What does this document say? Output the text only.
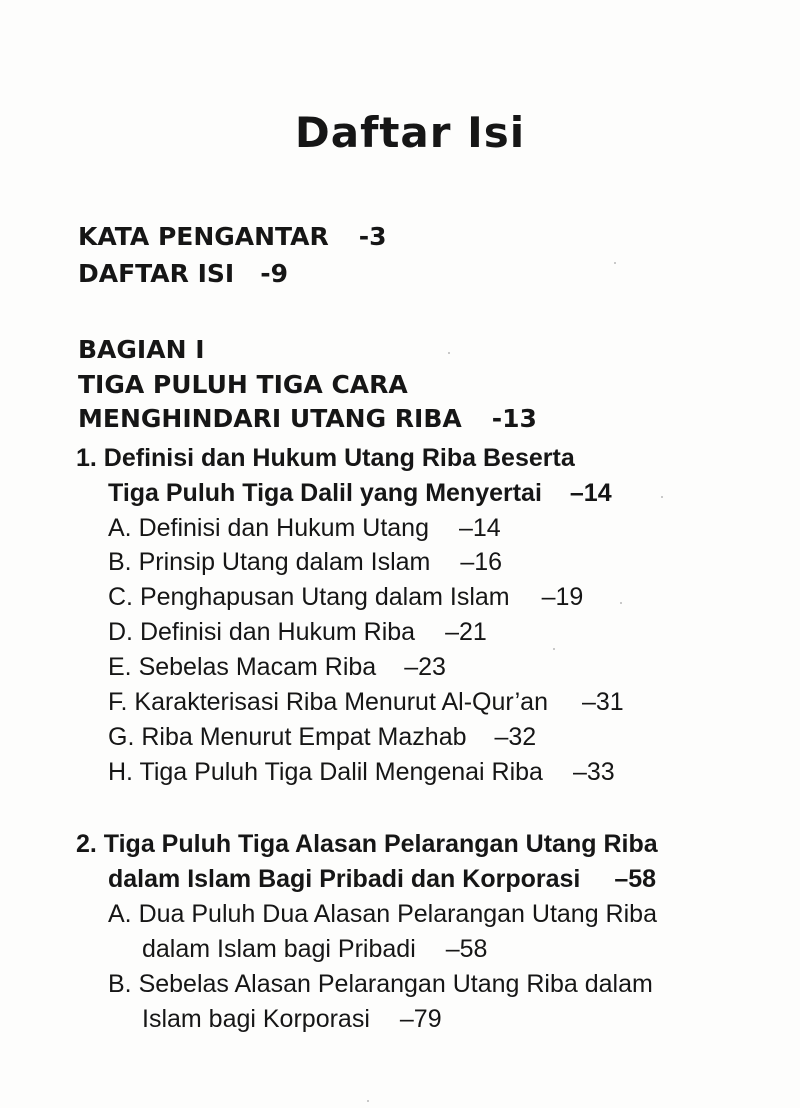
Daftar Isi
KATA PENGANTAR -3
DAFTAR ISI -9
BAGIAN I
TIGA PULUH TIGA CARA
MENGHINDARI UTANG RIBA -13
1. Definisi dan Hukum Utang Riba Beserta
Tiga Puluh Tiga Dalil yang Menyertai –14
A. Definisi dan Hukum Utang –14
B. Prinsip Utang dalam Islam –16
C. Penghapusan Utang dalam Islam –19
D. Definisi dan Hukum Riba –21
E. Sebelas Macam Riba –23
F. Karakterisasi Riba Menurut Al-Qur’an –31
G. Riba Menurut Empat Mazhab –32
H. Tiga Puluh Tiga Dalil Mengenai Riba –33
2. Tiga Puluh Tiga Alasan Pelarangan Utang Riba
dalam Islam Bagi Pribadi dan Korporasi –58
A. Dua Puluh Dua Alasan Pelarangan Utang Riba
dalam Islam bagi Pribadi –58
B. Sebelas Alasan Pelarangan Utang Riba dalam
Islam bagi Korporasi –79
